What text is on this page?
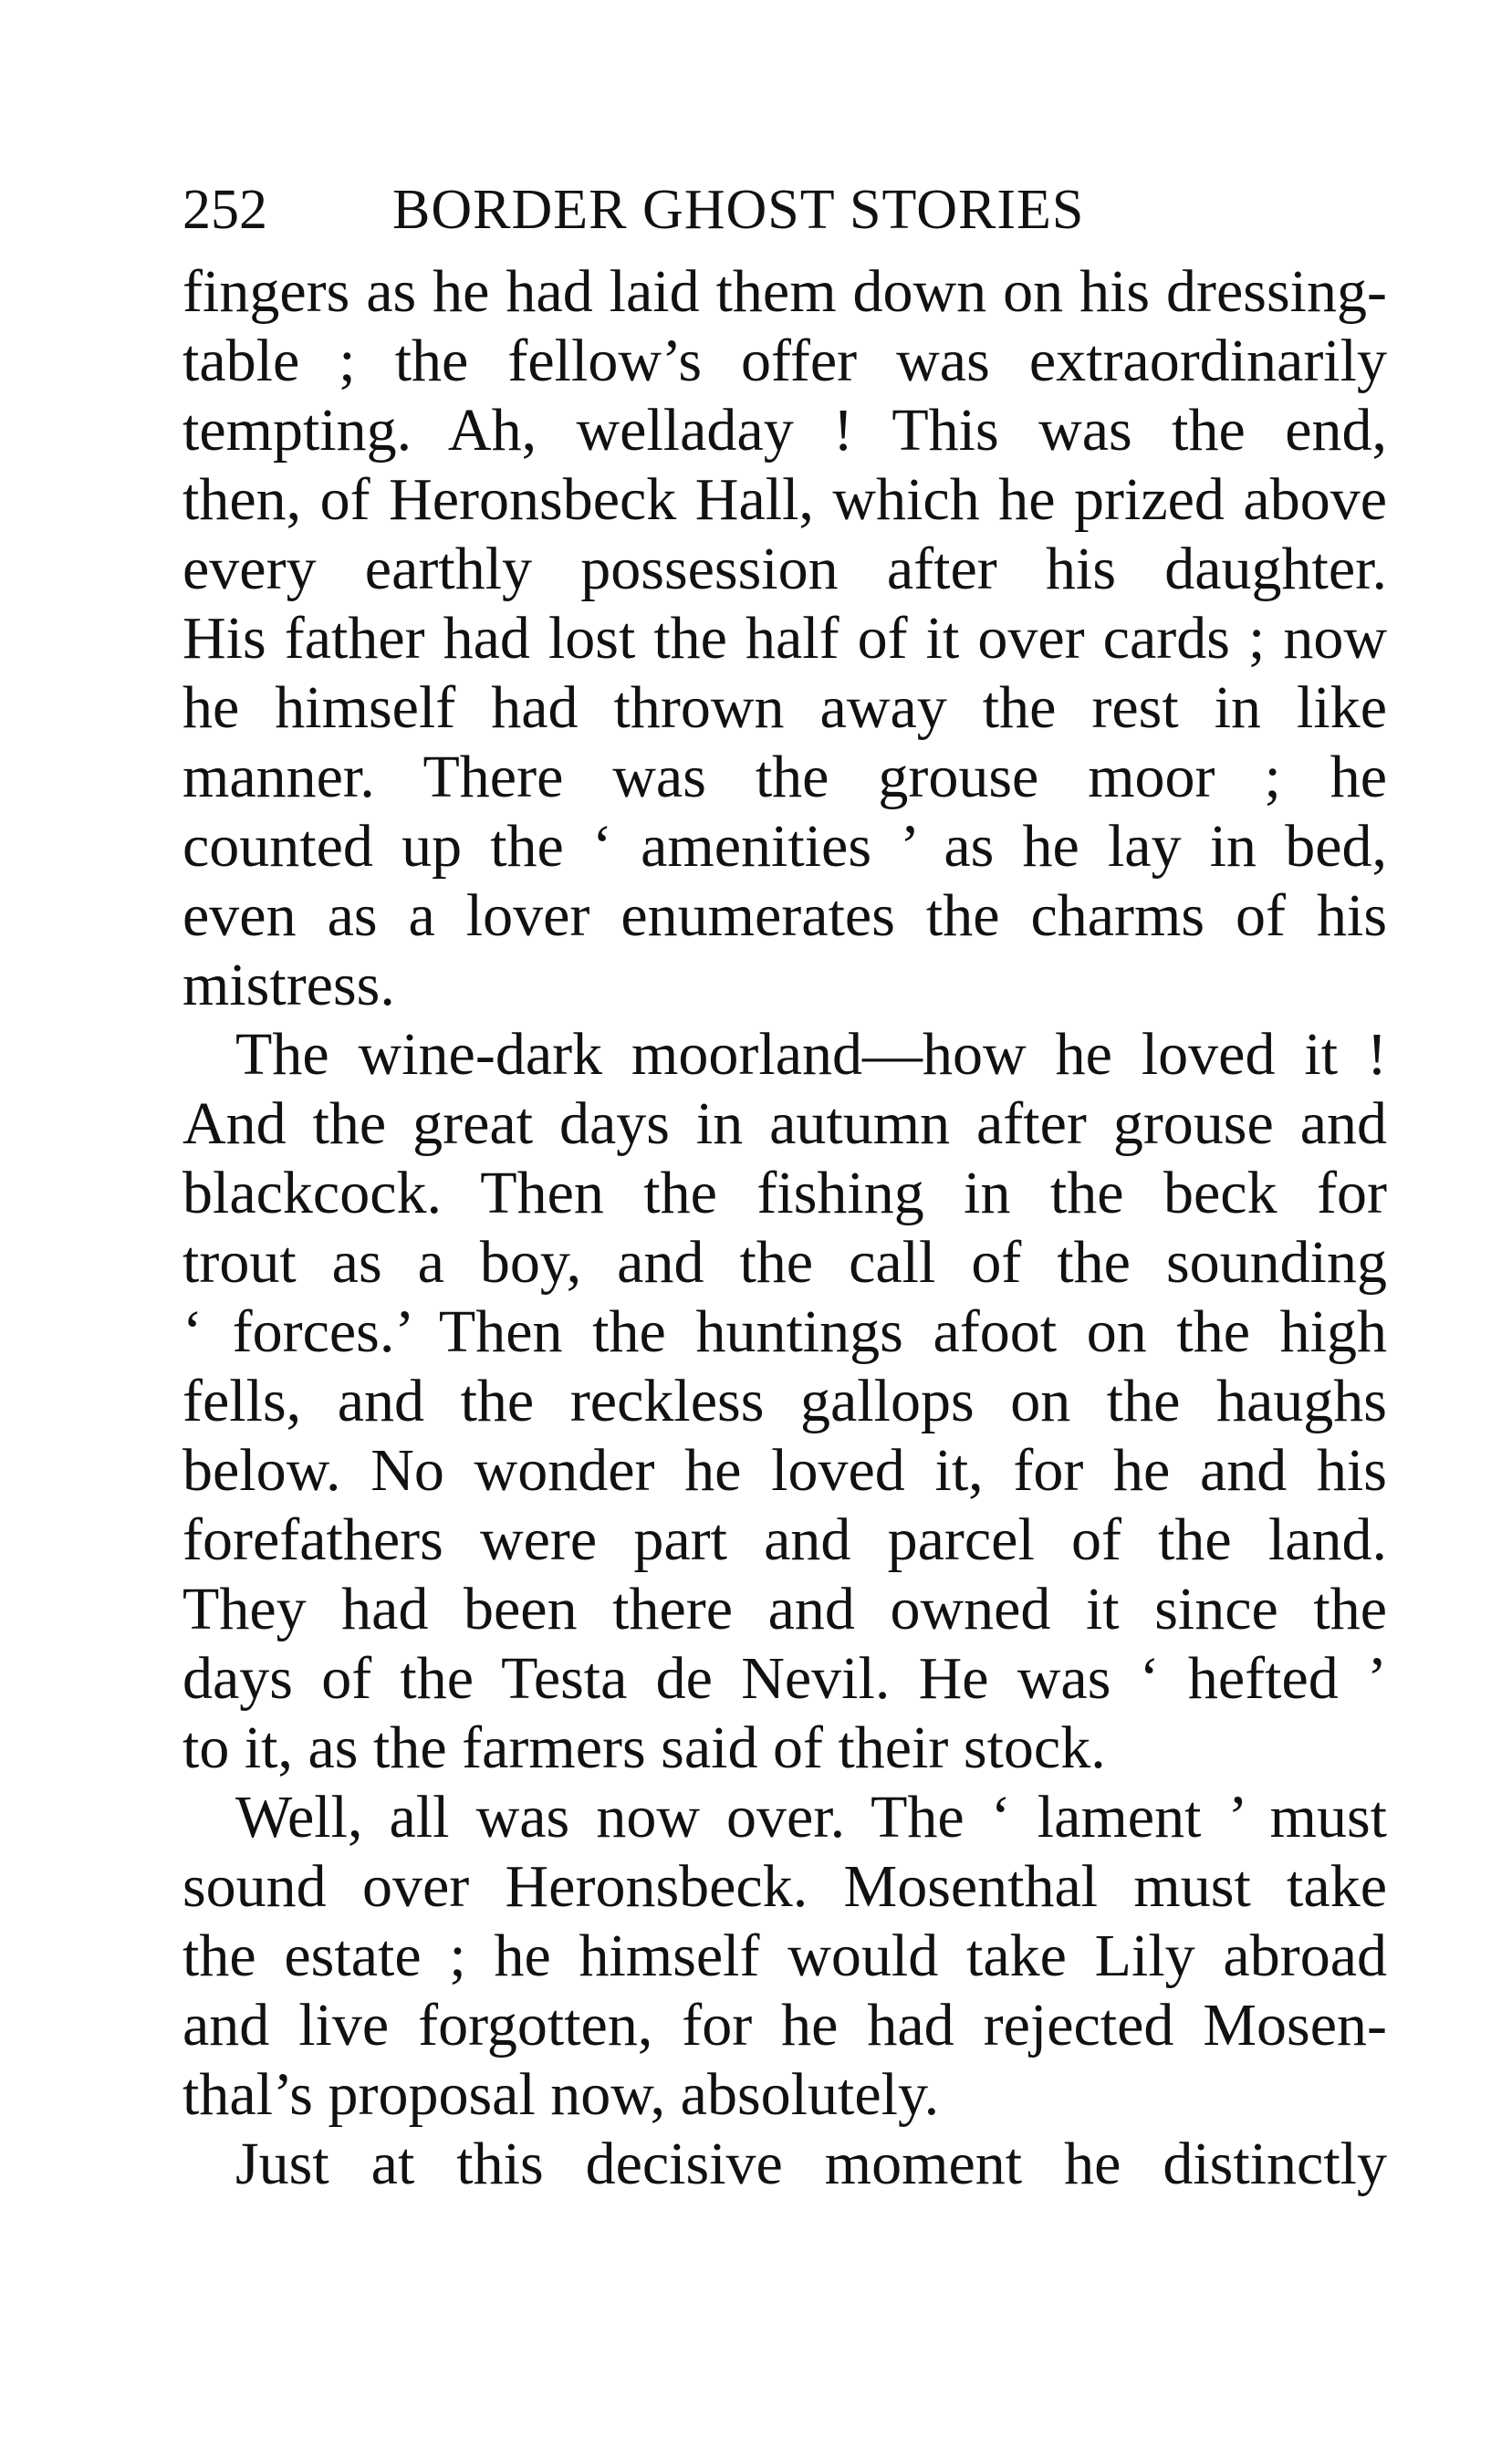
252 BORDER GHOST STORIES
fingers as he had laid them down on his dressing-
table ; the fellow’s offer was extraordinarily
tempting. Ah, welladay ! This was the end,
then, of Heronsbeck Hall, which he prized above
every earthly possession after his daughter.
His father had lost the half of it over cards ; now
he himself had thrown away the rest in like
manner. There was the grouse moor ; he
counted up the ‘ amenities ’ as he lay in bed,
even as a lover enumerates the charms of his
mistress.
The wine-dark moorland—how he loved it !
And the great days in autumn after grouse and
blackcock. Then the fishing in the beck for
trout as a boy, and the call of the sounding
‘ forces.’ Then the huntings afoot on the high
fells, and the reckless gallops on the haughs
below. No wonder he loved it, for he and his
forefathers were part and parcel of the land.
They had been there and owned it since the
days of the Testa de Nevil. He was ‘ hefted ’
to it, as the farmers said of their stock.
Well, all was now over. The ‘ lament ’ must
sound over Heronsbeck. Mosenthal must take
the estate ; he himself would take Lily abroad
and live forgotten, for he had rejected Mosen-
thal’s proposal now, absolutely.
Just at this decisive moment he distinctly
